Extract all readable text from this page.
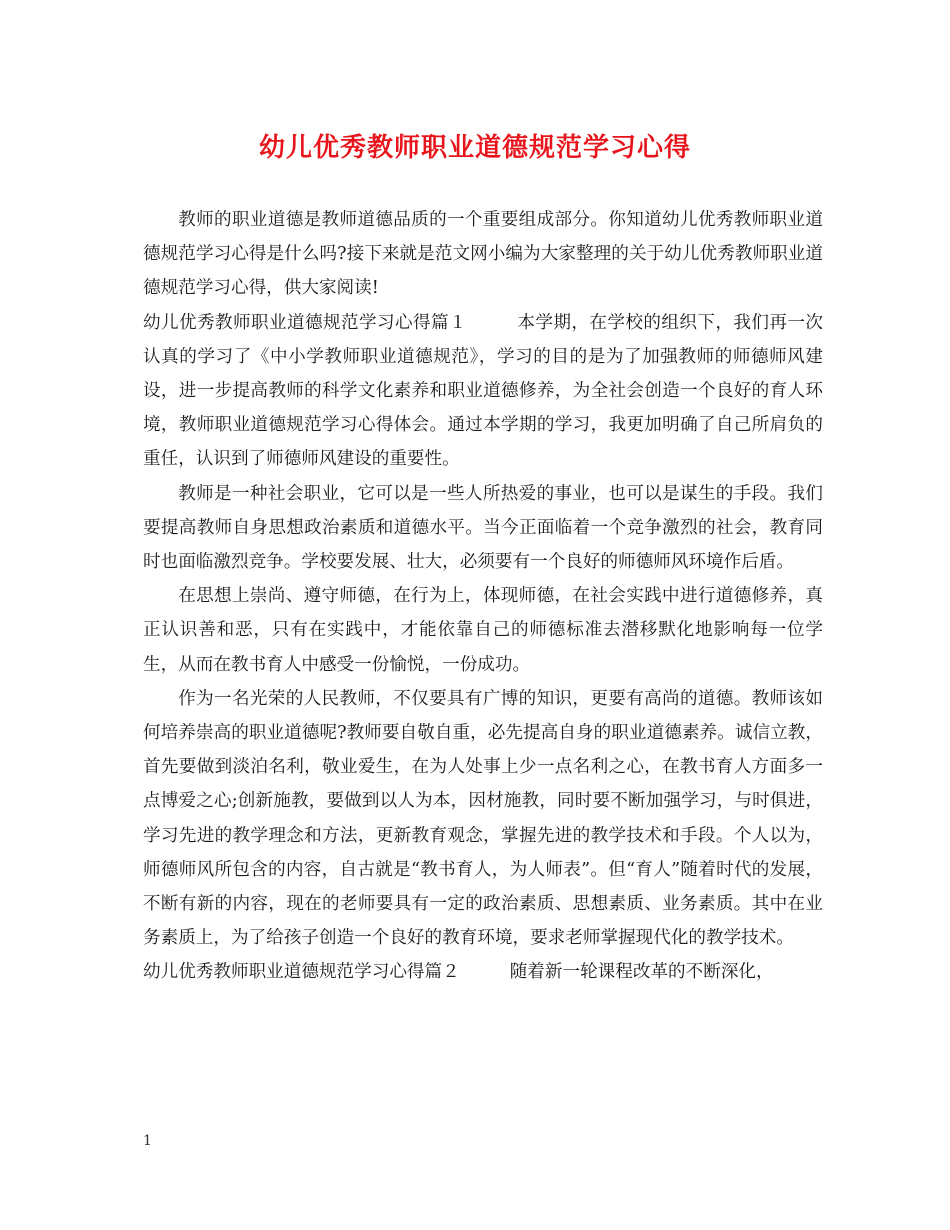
幼儿优秀教师职业道德规范学习心得

教师的职业道德是教师道德品质的一个重要组成部分。你知道幼儿优秀教师职业道德规范学习心得是什么吗?接下来就是范文网小编为大家整理的关于幼儿优秀教师职业道德规范学习心得，供大家阅读!

幼儿优秀教师职业道德规范学习心得篇１	本学期，在学校的组织下，我们再一次认真的学习了《中小学教师职业道德规范》，学习的目的是为了加强教师的师德师风建设，进一步提高教师的科学文化素养和职业道德修养，为全社会创造一个良好的育人环境，教师职业道德规范学习心得体会。通过本学期的学习，我更加明确了自己所肩负的重任，认识到了师德师风建设的重要性。

教师是一种社会职业，它可以是一些人所热爱的事业，也可以是谋生的手段。我们要提高教师自身思想政治素质和道德水平。当今正面临着一个竞争激烈的社会，教育同时也面临激烈竞争。学校要发展、壮大，必须要有一个良好的师德师风环境作后盾。

在思想上崇尚、遵守师德，在行为上，体现师德，在社会实践中进行道德修养，真正认识善和恶，只有在实践中，才能依靠自己的师德标准去潜移默化地影响每一位学生，从而在教书育人中感受一份愉悦，一份成功。

作为一名光荣的人民教师，不仅要具有广博的知识，更要有高尚的道德。教师该如何培养崇高的职业道德呢?教师要自敬自重，必先提高自身的职业道德素养。诚信立教，首先要做到淡泊名利，敬业爱生，在为人处事上少一点名利之心，在教书育人方面多一点博爱之心;创新施教，要做到以人为本，因材施教，同时要不断加强学习，与时俱进，学习先进的教学理念和方法，更新教育观念，掌握先进的教学技术和手段。个人以为，师德师风所包含的内容，自古就是“教书育人，为人师表”。但“育人”随着时代的发展，不断有新的内容，现在的老师要具有一定的政治素质、思想素质、业务素质。其中在业务素质上，为了给孩子创造一个良好的教育环境，要求老师掌握现代化的教学技术。

幼儿优秀教师职业道德规范学习心得篇２	随着新一轮课程改革的不断深化，

1
